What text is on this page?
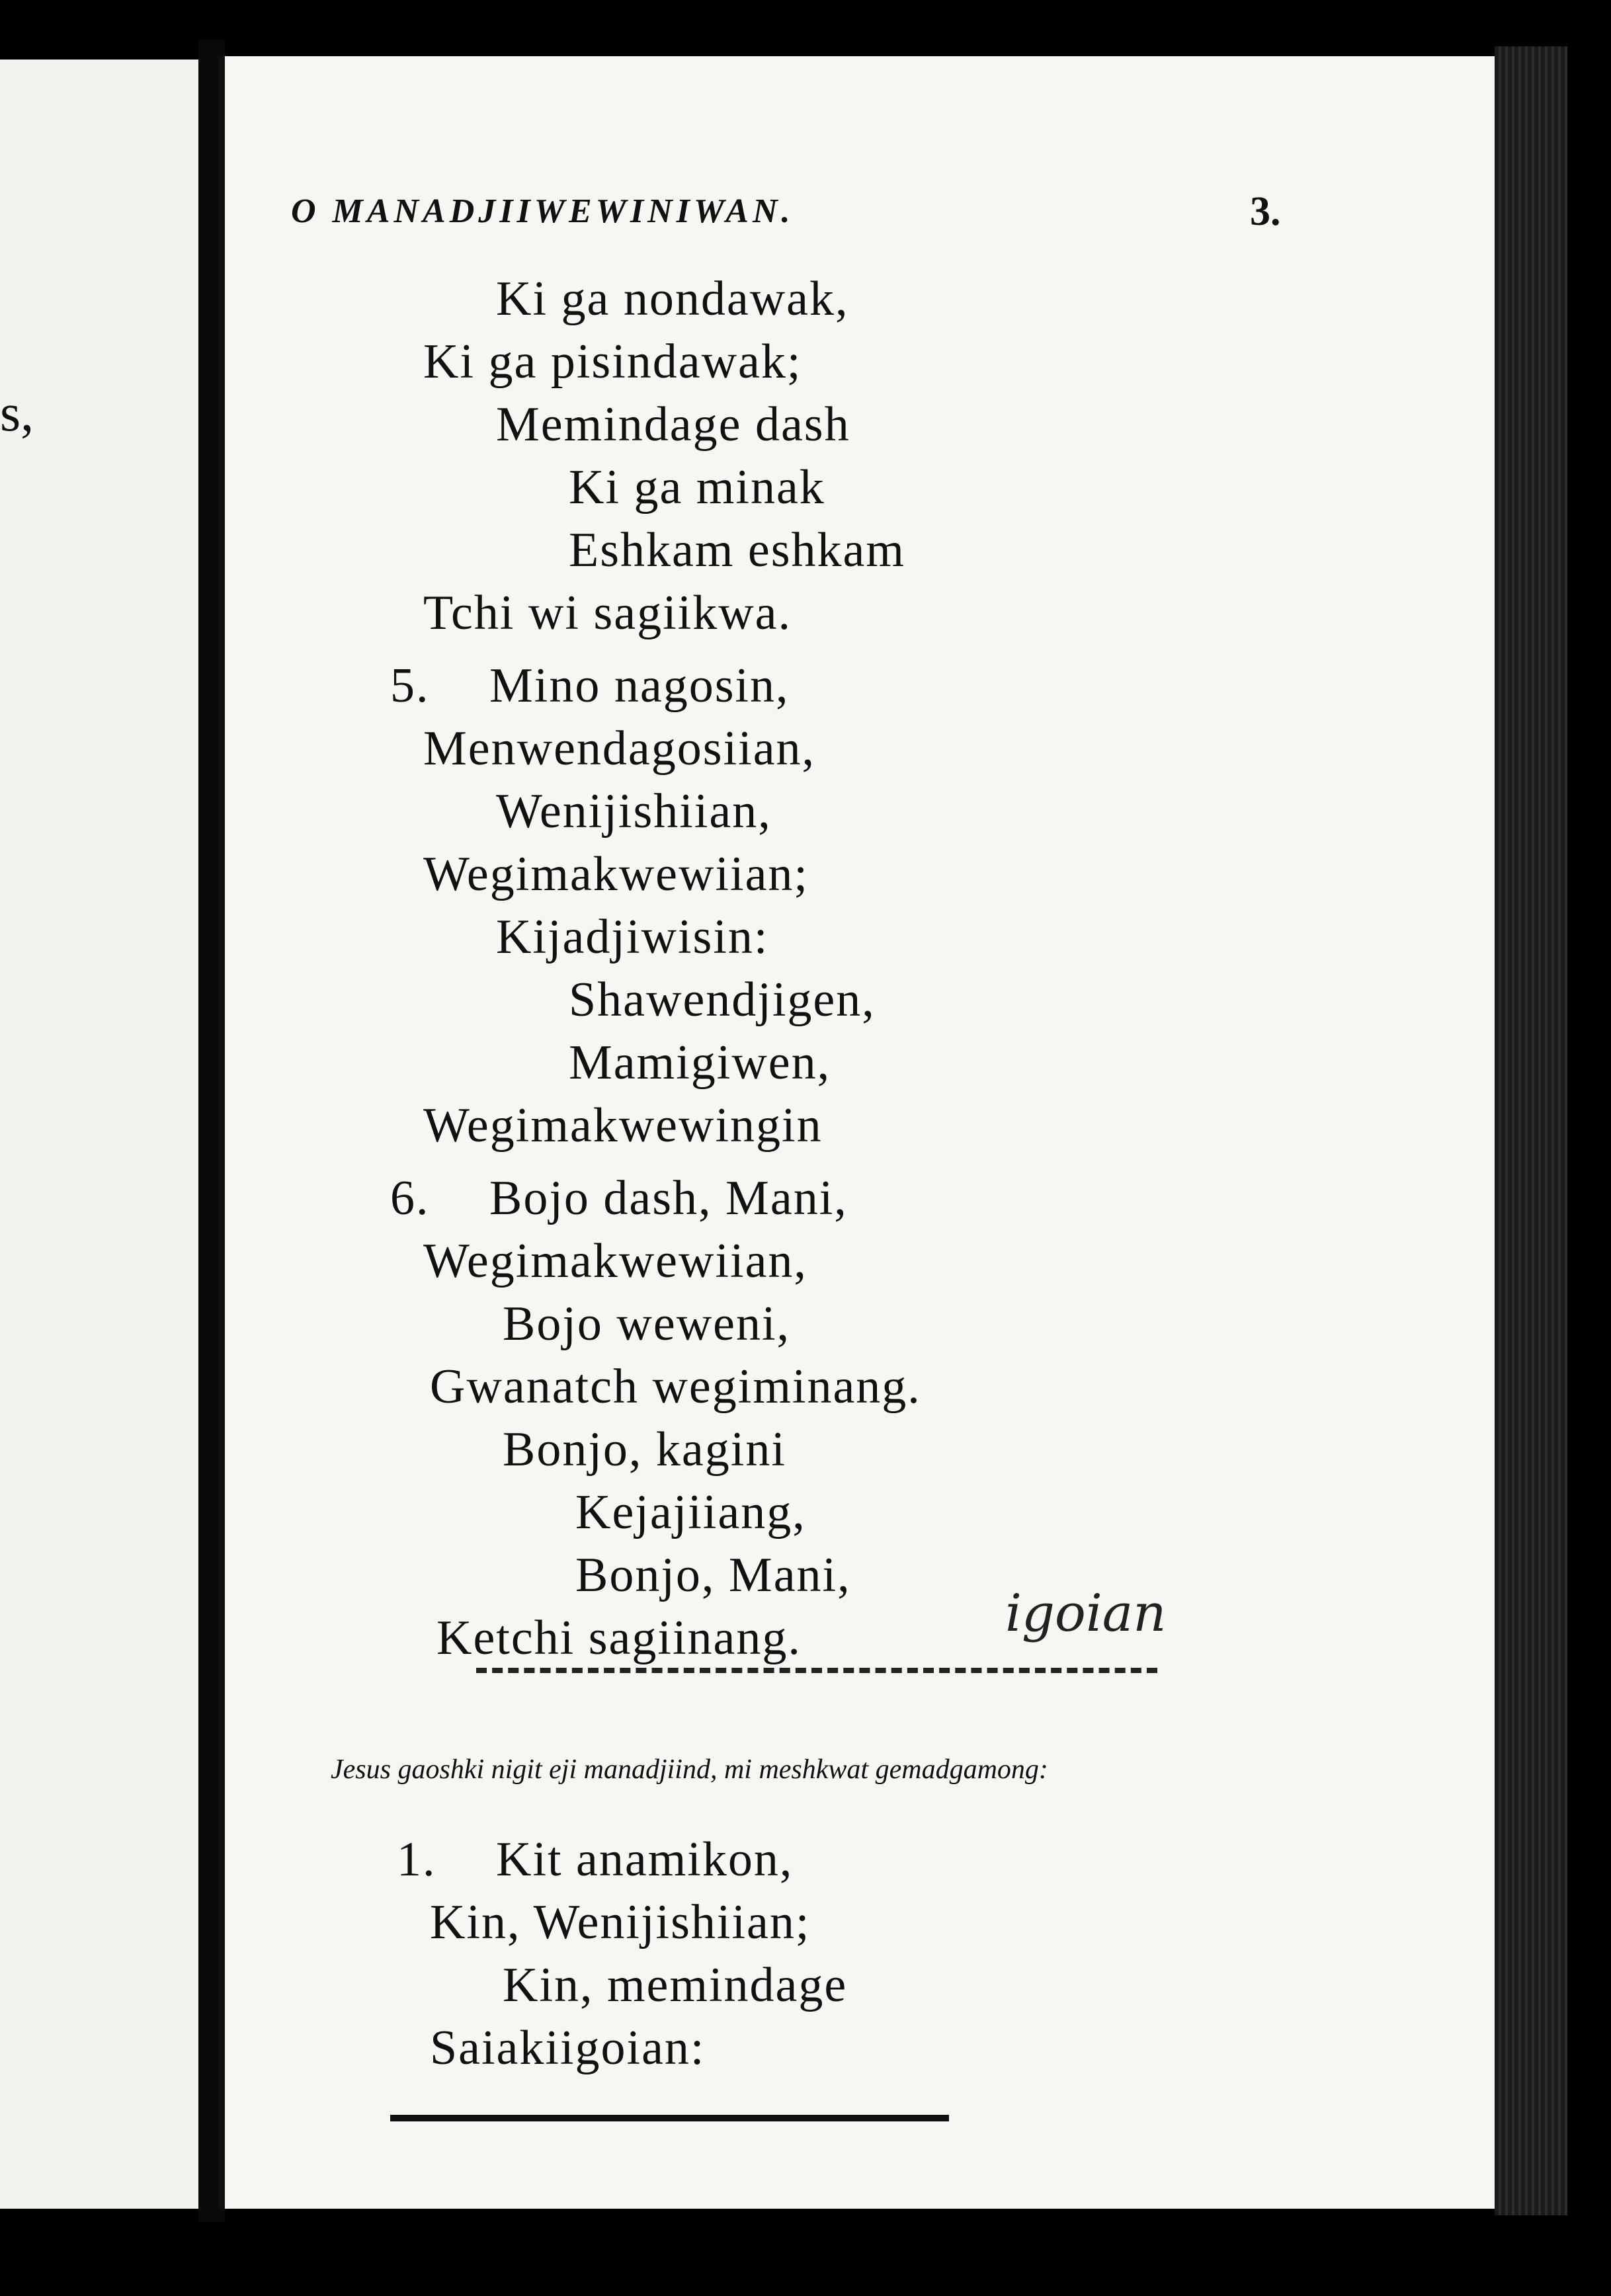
s,
O MANADJIIWEWINIWAN.	3.
Ki ga nondawak,
Ki ga pisindawak;
Memindage dash
Ki ga minak
Eshkam eshkam
Tchi wi sagiikwa.
5. Mino nagosin,
Menwendagosiian,
Wenijishiian,
Wegimakwewiian;
Kijadjiwisin:
Shawendjigen,
Mamigiwen,
Wegimakwewingin
6. Bojo dash, Mani,
Wegimakwewiian,
Bojo weweni,
Gwanatch wegiminang.
Bonjo, kagini
Kejajiiang,
Bonjo, Mani,
Ketchi sagiinang.	igoian
Jesus gaoshki nigit eji manadjiind, mi meshkwat gemadgamong:
1. Kit anamikon,
Kin, Wenijishiian;
Kin, memindage
Saiakiigoian:
